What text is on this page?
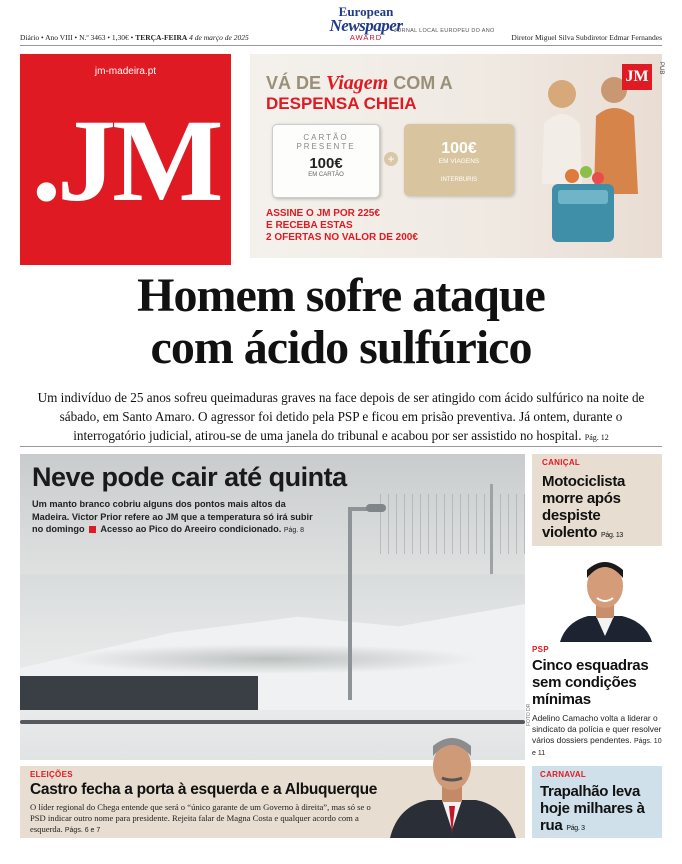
European
Newspaper
AWARD
JORNAL LOCAL EUROPEU DO ANO
Diário • Ano VIII • N.º 3463 • 1,30€ • TERÇA-FEIRA 4 de março de 2025	Diretor Miguel Silva Subdiretor Edmar Fernandes
jm-madeira.pt
.JM
VÁ DE Viagem COM A
DESPENSA CHEIA
CARTÃO PRESENTE
100€
EM CARTÃO
+
100€
EM VIAGENS
INTERBURIS
ASSINE O JM POR 225€
E RECEBA ESTAS
2 OFERTAS NO VALOR DE 200€
JM	PUB
Homem sofre ataque
com ácido sulfúrico
Um indivíduo de 25 anos sofreu queimaduras graves na face depois de ser atingido com ácido sulfúrico na noite de sábado, em Santo Amaro. O agressor foi detido pela PSP e ficou em prisão preventiva. Já ontem, durante o interrogatório judicial, atirou-se de uma janela do tribunal e acabou por ser assistido no hospital. Pág. 12
Neve pode cair até quinta
Um manto branco cobriu alguns dos pontos mais altos da Madeira. Victor Prior refere ao JM que a temperatura só irá subir no domingo Acesso ao Pico do Areeiro condicionado. Pág. 8
FOTO DR
CANIÇAL
Motociclista morre após despiste violento Pág. 13
PSP
Cinco esquadras sem condições mínimas
Adelino Camacho volta a liderar o sindicato da polícia e quer resolver vários dossiers pendentes. Págs. 10 e 11
CARNAVAL
Trapalhão leva hoje milhares à rua Pág. 3
ELEIÇÕES
Castro fecha a porta à esquerda e a Albuquerque
O líder regional do Chega entende que será o “único garante de um Governo à direita”, mas só se o PSD indicar outro nome para presidente. Rejeita falar de Magna Costa e qualquer acordo com a esquerda. Págs. 6 e 7
